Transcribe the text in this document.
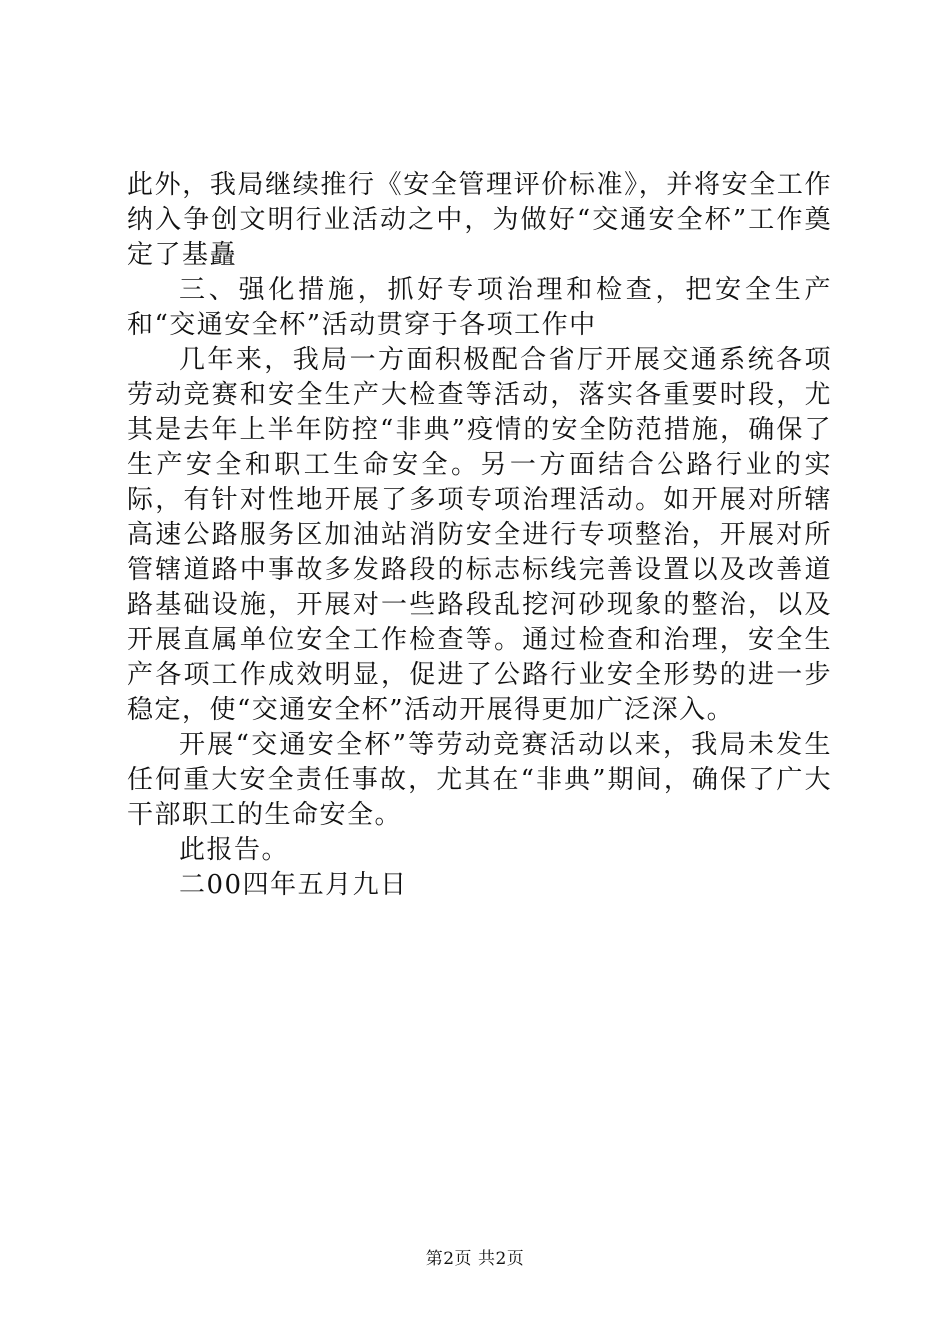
此外，我局继续推行《安全管理评价标准》，并将安全工作纳入争创文明行业活动之中，为做好“交通安全杯”工作奠定了基矗

三、强化措施，抓好专项治理和检查，把安全生产和“交通安全杯”活动贯穿于各项工作中

几年来，我局一方面积极配合省厅开展交通系统各项劳动竞赛和安全生产大检查等活动，落实各重要时段，尤其是去年上半年防控“非典”疫情的安全防范措施，确保了生产安全和职工生命安全。另一方面结合公路行业的实际，有针对性地开展了多项专项治理活动。如开展对所辖高速公路服务区加油站消防安全进行专项整治，开展对所管辖道路中事故多发路段的标志标线完善设置以及改善道路基础设施，开展对一些路段乱挖河砂现象的整治，以及开展直属单位安全工作检查等。通过检查和治理，安全生产各项工作成效明显，促进了公路行业安全形势的进一步稳定，使“交通安全杯”活动开展得更加广泛深入。

开展“交通安全杯”等劳动竞赛活动以来，我局未发生任何重大安全责任事故，尤其在“非典”期间，确保了广大干部职工的生命安全。

此报告。

二00四年五月九日

第2页 共2页
